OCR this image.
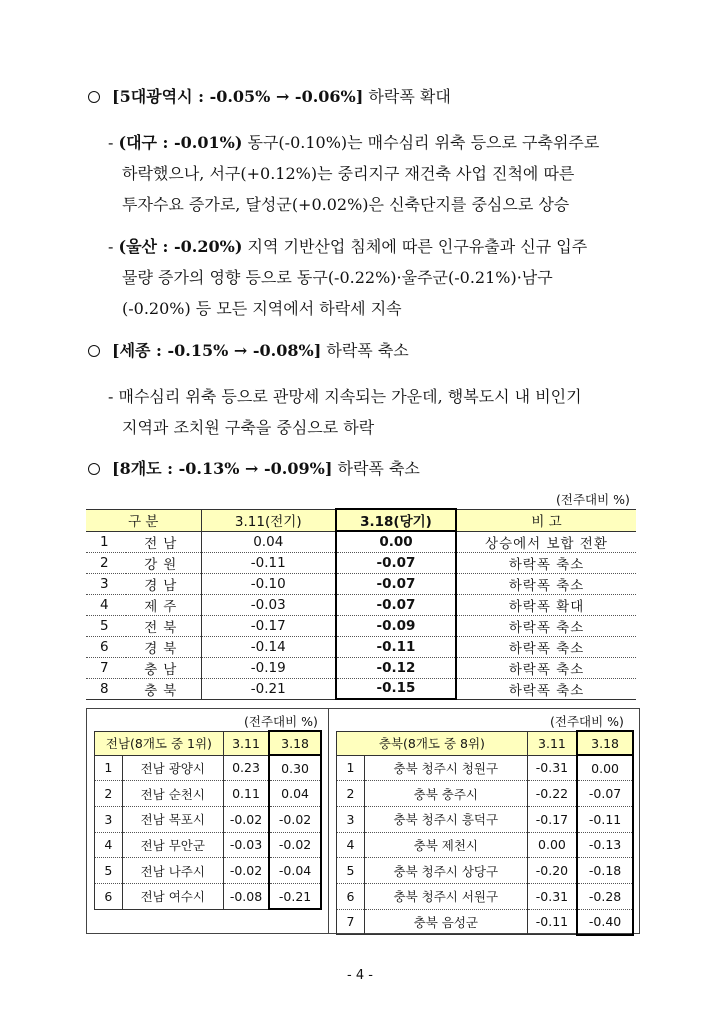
[5대광역시 : -0.05% → -0.06%] 하락폭 확대
- (대구 : -0.01%) 동구(-0.10%)는 매수심리 위축 등으로 구축위주로
하락했으나, 서구(+0.12%)는 중리지구 재건축 사업 진척에 따른
투자수요 증가로, 달성군(+0.02%)은 신축단지를 중심으로 상승
- (울산 : -0.20%) 지역 기반산업 침체에 따른 인구유출과 신규 입주
물량 증가의 영향 등으로 동구(-0.22%)·울주군(-0.21%)·남구
(-0.20%) 등 모든 지역에서 하락세 지속
[세종 : -0.15% → -0.08%] 하락폭 축소
- 매수심리 위축 등으로 관망세 지속되는 가운데, 행복도시 내 비인기
지역과 조치원 구축을 중심으로 하락
[8개도 : -0.13% → -0.09%] 하락폭 축소
(전주대비 %)
구 분		3.11(전기)	3.18(당기)	비 고
1	전남	0.04	0.00	상승에서 보합 전환
2	강원	-0.11	-0.07	하락폭 축소
3	경남	-0.10	-0.07	하락폭 축소
4	제주	-0.03	-0.07	하락폭 확대
5	전북	-0.17	-0.09	하락폭 축소
6	경북	-0.14	-0.11	하락폭 축소
7	충남	-0.19	-0.12	하락폭 축소
8	충북	-0.21	-0.15	하락폭 축소
(전주대비 %)
전남(8개도 중 1위)		3.11	3.18
1	전남 광양시	0.23	0.30
2	전남 순천시	0.11	0.04
3	전남 목포시	-0.02	-0.02
4	전남 무안군	-0.03	-0.02
5	전남 나주시	-0.02	-0.04
6	전남 여수시	-0.08	-0.21
(전주대비 %)
충북(8개도 중 8위)		3.11	3.18
1	충북 청주시 청원구	-0.31	0.00
2	충북 충주시	-0.22	-0.07
3	충북 청주시 흥덕구	-0.17	-0.11
4	충북 제천시	0.00	-0.13
5	충북 청주시 상당구	-0.20	-0.18
6	충북 청주시 서원구	-0.31	-0.28
7	충북 음성군	-0.11	-0.40
- 4 -
